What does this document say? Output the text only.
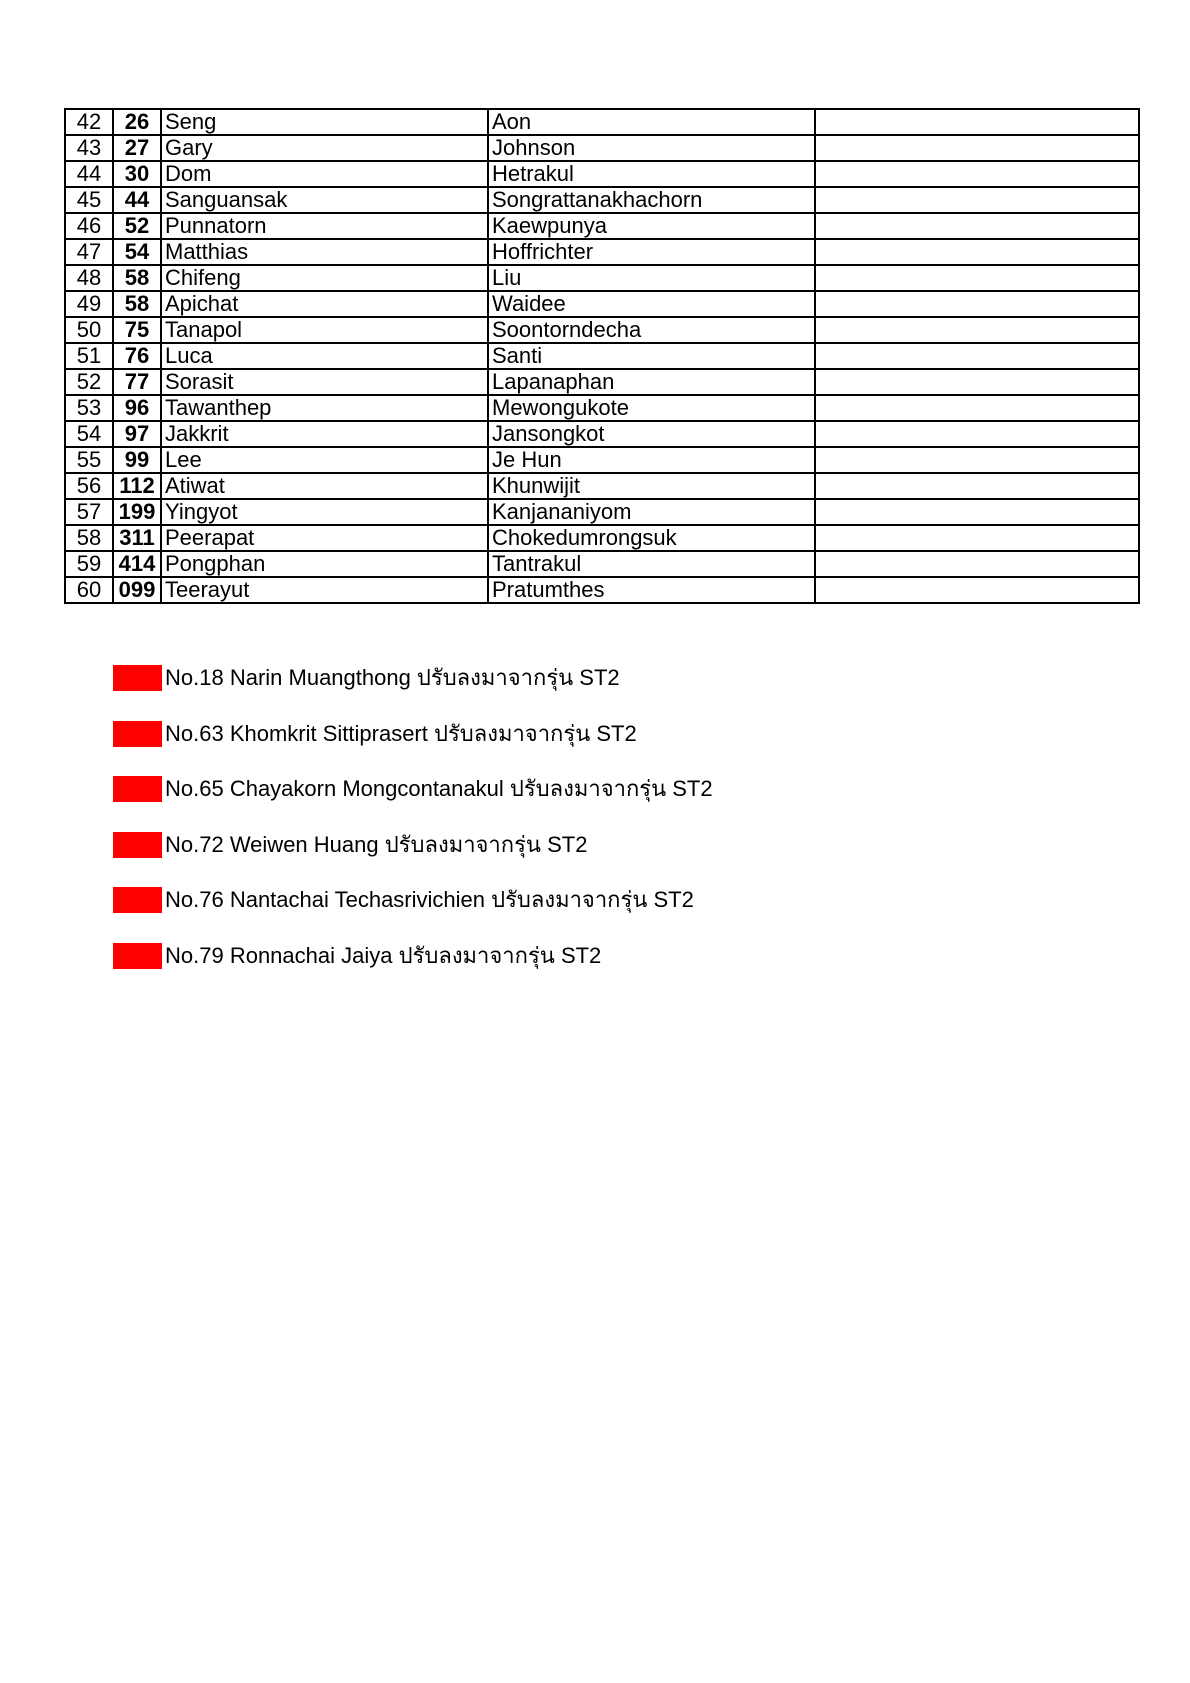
42	26	Seng	Aon	
43	27	Gary	Johnson	
44	30	Dom	Hetrakul	
45	44	Sanguansak	Songrattanakhachorn	
46	52	Punnatorn	Kaewpunya	
47	54	Matthias	Hoffrichter	
48	58	Chifeng	Liu	
49	58	Apichat	Waidee	
50	75	Tanapol	Soontorndecha	
51	76	Luca	Santi	
52	77	Sorasit	Lapanaphan	
53	96	Tawanthep	Mewongukote	
54	97	Jakkrit	Jansongkot	
55	99	Lee	Je Hun	
56	112	Atiwat	Khunwijit	
57	199	Yingyot	Kanjananiyom	
58	311	Peerapat	Chokedumrongsuk	
59	414	Pongphan	Tantrakul	
60	099	Teerayut	Pratumthes	
No.18 Narin Muangthong ปรับลงมาจากรุ่น ST2
No.63 Khomkrit Sittiprasert ปรับลงมาจากรุ่น ST2
No.65 Chayakorn Mongcontanakul ปรับลงมาจากรุ่น ST2
No.72 Weiwen Huang ปรับลงมาจากรุ่น ST2
No.76 Nantachai Techasrivichien ปรับลงมาจากรุ่น ST2
No.79 Ronnachai Jaiya ปรับลงมาจากรุ่น ST2
